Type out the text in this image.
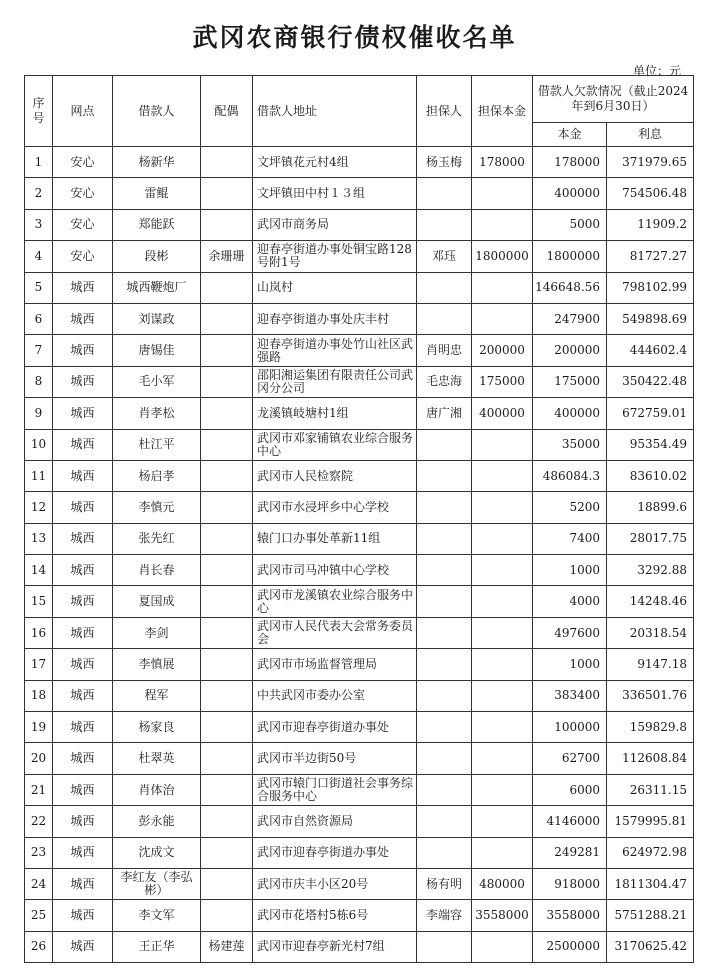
武冈农商银行债权催收名单
单位：元
序号	网点	借款人	配偶	借款人地址	担保人	担保本金	借款人欠款情况（截止2024年到6月30日）	
							本金	利息
1	安心	杨新华		文坪镇花元村4组	杨玉梅	178000	178000	371979.65
2	安心	雷鲲		文坪镇田中村１３组			400000	754506.48
3	安心	郑能跃		武冈市商务局			5000	11909.2
4	安心	段彬	余珊珊	迎春亭街道办事处铜宝路128号附1号	邓珏	1800000	1800000	81727.27
5	城西	城西鞭炮厂		山岚村			146648.56	798102.99
6	城西	刘谋政		迎春亭街道办事处庆丰村			247900	549898.69
7	城西	唐锡佳		迎春亭街道办事处竹山社区武强路	肖明忠	200000	200000	444602.4
8	城西	毛小军		邵阳湘运集团有限责任公司武冈分公司	毛忠海	175000	175000	350422.48
9	城西	肖孝松		龙溪镇岐塘村1组	唐广湘	400000	400000	672759.01
10	城西	杜江平		武冈市邓家铺镇农业综合服务中心			35000	95354.49
11	城西	杨启孝		武冈市人民检察院			486084.3	83610.02
12	城西	李慎元		武冈市水浸坪乡中心学校			5200	18899.6
13	城西	张先红		辕门口办事处革新11组			7400	28017.75
14	城西	肖长春		武冈市司马冲镇中心学校			1000	3292.88
15	城西	夏国成		武冈市龙溪镇农业综合服务中心			4000	14248.46
16	城西	李剑		武冈市人民代表大会常务委员会			497600	20318.54
17	城西	李慎展		武冈市市场监督管理局			1000	9147.18
18	城西	程军		中共武冈市委办公室			383400	336501.76
19	城西	杨家良		武冈市迎春亭街道办事处			100000	159829.8
20	城西	杜翠英		武冈市半边街50号			62700	112608.84
21	城西	肖体治		武冈市辕门口街道社会事务综合服务中心			6000	26311.15
22	城西	彭永能		武冈市自然资源局			4146000	1579995.81
23	城西	沈成文		武冈市迎春亭街道办事处			249281	624972.98
24	城西	李红友（李弘彬）		武冈市庆丰小区20号	杨有明	480000	918000	1811304.47
25	城西	李文军		武冈市花塔村5栋6号	李端容	3558000	3558000	5751288.21
26	城西	王正华	杨建莲	武冈市迎春亭新光村7组			2500000	3170625.42
